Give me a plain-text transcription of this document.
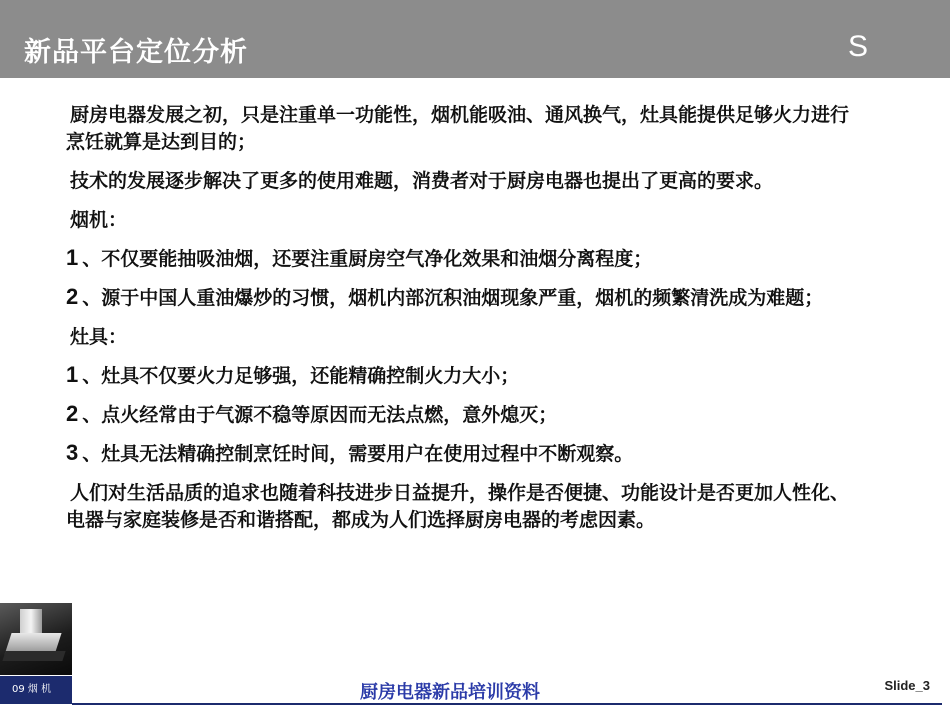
新品平台定位分析	S

厨房电器发展之初，只是注重单一功能性，烟机能吸油、通风换气，灶具能提供足够火力进行烹饪就算是达到目的；

技术的发展逐步解决了更多的使用难题，消费者对于厨房电器也提出了更高的要求。

烟机：

1 、不仅要能抽吸油烟，还要注重厨房空气净化效果和油烟分离程度；

2 、源于中国人重油爆炒的习惯，烟机内部沉积油烟现象严重，烟机的频繁清洗成为难题；

灶具：

1 、灶具不仅要火力足够强，还能精确控制火力大小；

2 、点火经常由于气源不稳等原因而无法点燃，意外熄灭；

3 、灶具无法精确控制烹饪时间，需要用户在使用过程中不断观察。

人们对生活品质的追求也随着科技进步日益提升，操作是否便捷、功能设计是否更加人性化、电器与家庭装修是否和谐搭配，都成为人们选择厨房电器的考虑因素。

09 烟 机	厨房电器新品培训资料	Slide_3
